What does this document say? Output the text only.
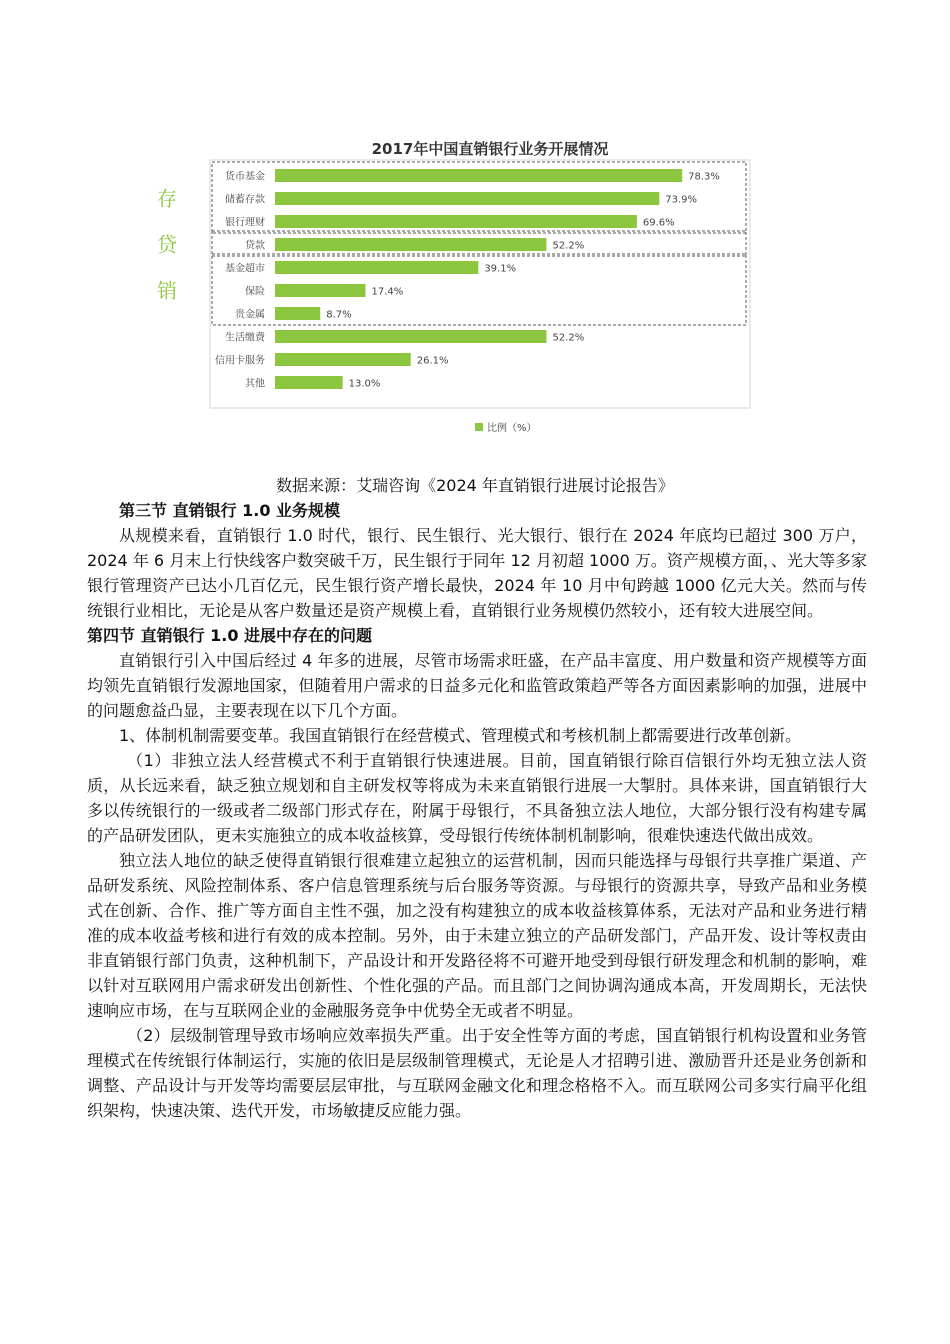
2017年中国直销银行业务开展情况
存
贷
销
货币基金	78.3%
储蓄存款	73.9%
银行理财	69.6%
贷款	52.2%
基金超市	39.1%
保险	17.4%
贵金属	8.7%
生活缴费	52.2%
信用卡服务	26.1%
其他	13.0%
比例（%）
数据来源：艾瑞咨询《2024 年直销银行进展讨论报告》

第三节 直销银行 1.0 业务规模

从规模来看，直销银行 1.0 时代，银行、民生银行、光大银行、银行在 2024 年底均已超过 300 万户，2024 年 6 月末上行快线客户数突破千万，民生银行于同年 12 月初超 1000 万。资产规模方面，、光大等多家银行管理资产已达小几百亿元，民生银行资产增长最快，2024 年 10 月中旬跨越 1000 亿元大关。然而与传统银行业相比，无论是从客户数量还是资产规模上看，直销银行业务规模仍然较小，还有较大进展空间。

第四节 直销银行 1.0 进展中存在的问题

直销银行引入中国后经过 4 年多的进展，尽管市场需求旺盛，在产品丰富度、用户数量和资产规模等方面均领先直销银行发源地国家，但随着用户需求的日益多元化和监管政策趋严等各方面因素影响的加强，进展中的问题愈益凸显，主要表现在以下几个方面。

1、体制机制需要变革。我国直销银行在经营模式、管理模式和考核机制上都需要进行改革创新。

（1）非独立法人经营模式不利于直销银行快速进展。目前，国直销银行除百信银行外均无独立法人资质，从长远来看，缺乏独立规划和自主研发权等将成为未来直销银行进展一大掣肘。具体来讲，国直销银行大多以传统银行的一级或者二级部门形式存在，附属于母银行，不具备独立法人地位，大部分银行没有构建专属的产品研发团队，更未实施独立的成本收益核算，受母银行传统体制机制影响，很难快速迭代做出成效。

独立法人地位的缺乏使得直销银行很难建立起独立的运营机制，因而只能选择与母银行共享推广渠道、产品研发系统、风险控制体系、客户信息管理系统与后台服务等资源。与母银行的资源共享，导致产品和业务模式在创新、合作、推广等方面自主性不强，加之没有构建独立的成本收益核算体系，无法对产品和业务进行精准的成本收益考核和进行有效的成本控制。另外，由于未建立独立的产品研发部门，产品开发、设计等权责由非直销银行部门负责，这种机制下，产品设计和开发路径将不可避开地受到母银行研发理念和机制的影响，难以针对互联网用户需求研发出创新性、个性化强的产品。而且部门之间协调沟通成本高，开发周期长，无法快速响应市场，在与互联网企业的金融服务竞争中优势全无或者不明显。

（2）层级制管理导致市场响应效率损失严重。出于安全性等方面的考虑，国直销银行机构设置和业务管理模式在传统银行体制运行，实施的依旧是层级制管理模式，无论是人才招聘引进、激励晋升还是业务创新和调整、产品设计与开发等均需要层层审批，与互联网金融文化和理念格格不入。而互联网公司多实行扁平化组织架构，快速决策、迭代开发，市场敏捷反应能力强。
